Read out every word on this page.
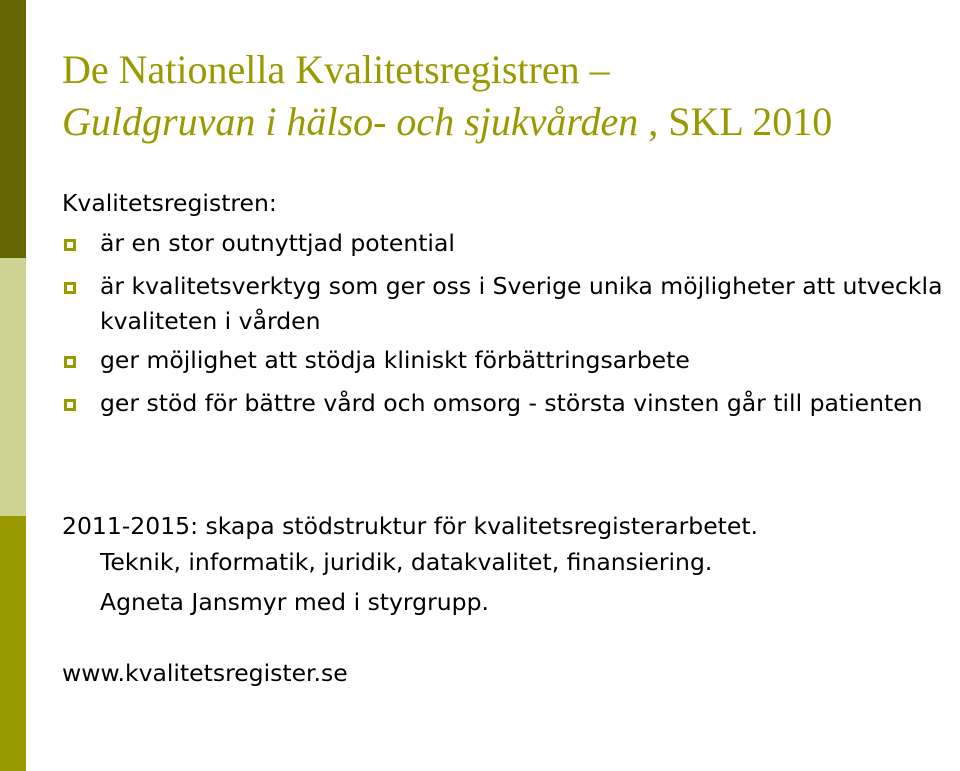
De Nationella Kvalitetsregistren –
Guldgruvan i hälso- och sjukvården , SKL 2010
Kvalitetsregistren:
är en stor outnyttjad potential
är kvalitetsverktyg som ger oss i Sverige unika möjligheter att utveckla kvaliteten i vården
ger möjlighet att stödja kliniskt förbättringsarbete
ger stöd för bättre vård och omsorg - största vinsten går till patienten
2011-2015: skapa stödstruktur för kvalitetsregisterarbetet.
Teknik, informatik, juridik, datakvalitet, finansiering.
Agneta Jansmyr med i styrgrupp.
www.kvalitetsregister.se
